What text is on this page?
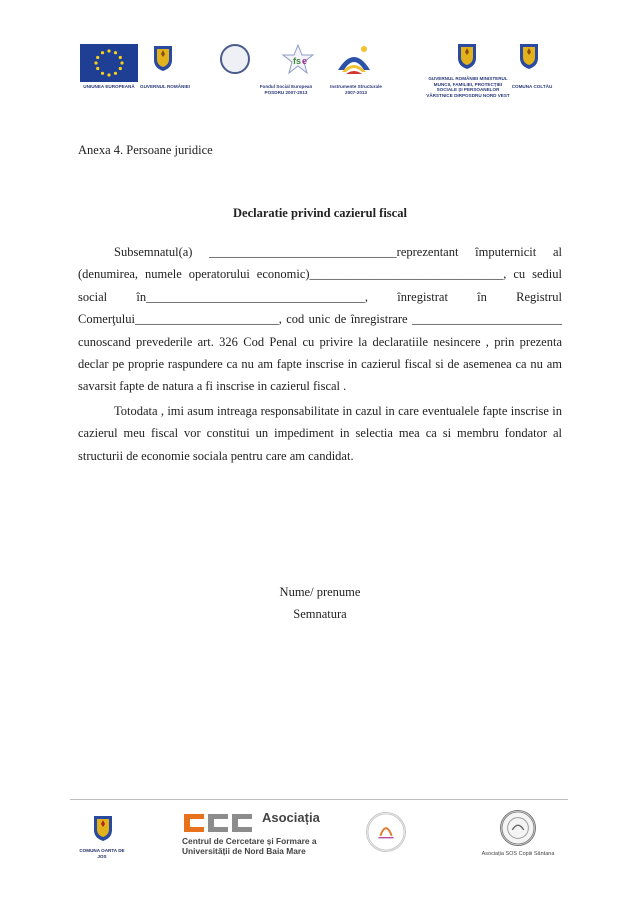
UNIUNEA EUROPEANĂ	GUVERNUL ROMÂNIEI
fs e
Fondul Social European POSDRU 2007-2013
Instrumente Structurale 2007-2013
GUVERNUL ROMÂNIEI MINISTERUL MUNCII, FAMILIEI, PROTECȚIEI SOCIALE ȘI PERSOANELOR VÂRSTNICE DIRPOSDRU NORD VEST
COMUNA COLTĂU
Anexa 4. Persoane juridice
Declaratie privind cazierul fiscal

Subsemnatul(a) ______________________________reprezentant împuternicit al (denumirea, numele operatorului economic)_______________________________, cu sediul social în___________________________________, înregistrat în Registrul Comerţului_______________________, cod unic de înregistrare ________________________ cunoscand prevederile art. 326 Cod Penal cu privire la declaratiile nesincere , prin prezenta declar pe proprie raspundere ca nu am fapte inscrise in cazierul fiscal si de asemenea ca nu am savarsit fapte de natura a fi inscrise in cazierul fiscal .

Totodata , imi asum intreaga responsabilitate in cazul in care eventualele fapte inscrise in cazierul meu fiscal vor constitui un impediment in selectia mea ca si membru fondator al structurii de economie sociala pentru care am candidat.

Nume/ prenume
Semnatura
COMUNA OARTA DE JOS
Asociația
Centrul de Cercetare și Formare a
Universității de Nord Baia Mare	Asociația SOS Copiii Sântana
